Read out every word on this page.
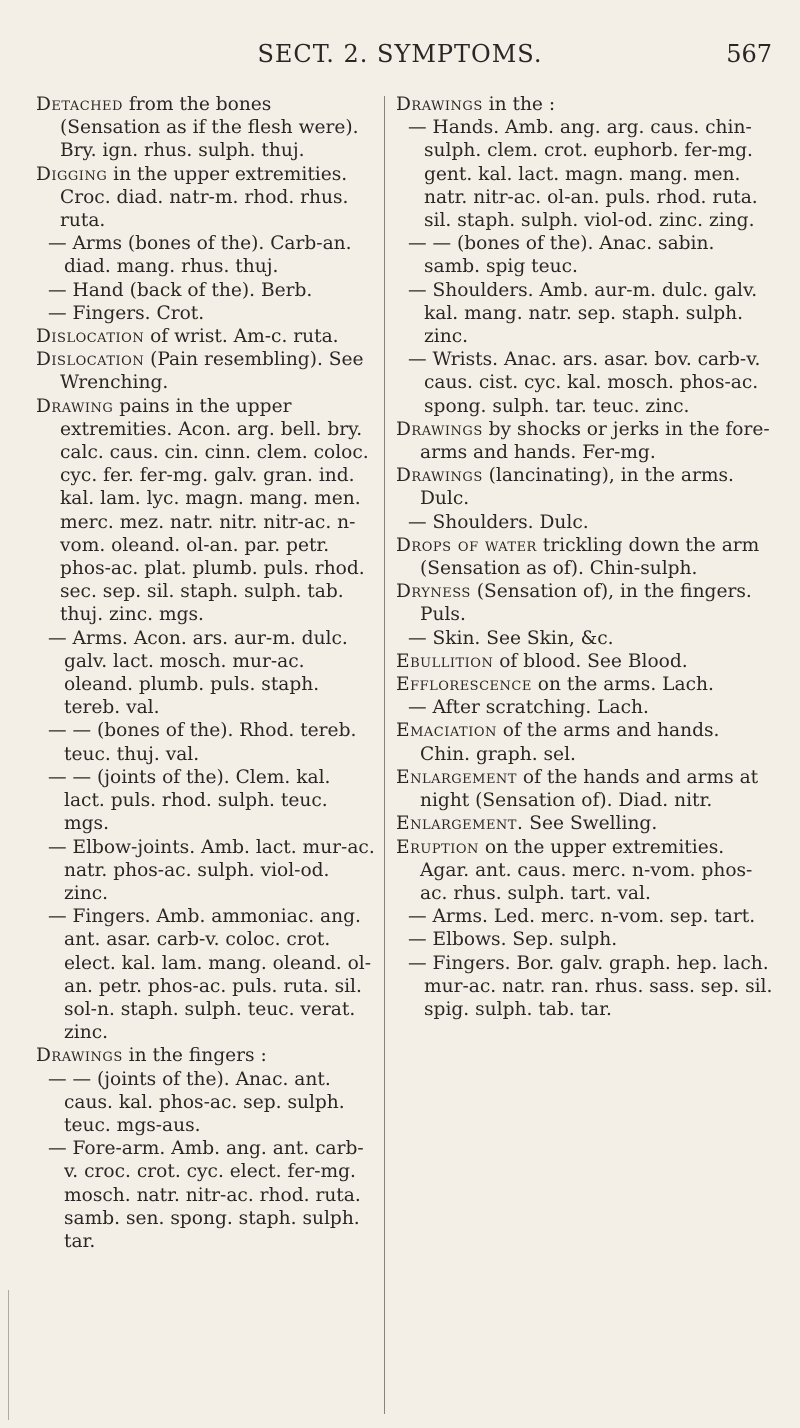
SECT. 2. SYMPTOMS.	567
Detached from the bones (Sensation as if the flesh were). Bry. ign. rhus. sulph. thuj.
Digging in the upper extremities. Croc. diad. natr-m. rhod. rhus. ruta.
— Arms (bones of the). Carb-an. diad. mang. rhus. thuj.
— Hand (back of the). Berb.
— Fingers. Crot.
Dislocation of wrist. Am-c. ruta.
Dislocation (Pain resembling). See Wrenching.
Drawing pains in the upper extremities. Acon. arg. bell. bry. calc. caus. cin. cinn. clem. coloc. cyc. fer. fer-mg. galv. gran. ind. kal. lam. lyc. magn. mang. men. merc. mez. natr. nitr. nitr-ac. n-vom. oleand. ol-an. par. petr. phos-ac. plat. plumb. puls. rhod. sec. sep. sil. staph. sulph. tab. thuj. zinc. mgs.
— Arms. Acon. ars. aur-m. dulc. galv. lact. mosch. mur-ac. oleand. plumb. puls. staph. tereb. val.
— — (bones of the). Rhod. tereb. teuc. thuj. val.
— — (joints of the). Clem. kal. lact. puls. rhod. sulph. teuc. mgs.
— Elbow-joints. Amb. lact. mur-ac. natr. phos-ac. sulph. viol-od. zinc.
— Fingers. Amb. ammoniac. ang. ant. asar. carb-v. coloc. crot. elect. kal. lam. mang. oleand. ol-an. petr. phos-ac. puls. ruta. sil. sol-n. staph. sulph. teuc. verat. zinc.
Drawings in the fingers :
— — (joints of the). Anac. ant. caus. kal. phos-ac. sep. sulph. teuc. mgs-aus.
— Fore-arm. Amb. ang. ant. carb-v. croc. crot. cyc. elect. fer-mg. mosch. natr. nitr-ac. rhod. ruta. samb. sen. spong. staph. sulph. tar.
Drawings in the :
— Hands. Amb. ang. arg. caus. chin-sulph. clem. crot. euphorb. fer-mg. gent. kal. lact. magn. mang. men. natr. nitr-ac. ol-an. puls. rhod. ruta. sil. staph. sulph. viol-od. zinc. zing.
— — (bones of the). Anac. sabin. samb. spig teuc.
— Shoulders. Amb. aur-m. dulc. galv. kal. mang. natr. sep. staph. sulph. zinc.
— Wrists. Anac. ars. asar. bov. carb-v. caus. cist. cyc. kal. mosch. phos-ac. spong. sulph. tar. teuc. zinc.
Drawings by shocks or jerks in the fore-arms and hands. Fer-mg.
Drawings (lancinating), in the arms. Dulc.
— Shoulders. Dulc.
Drops of water trickling down the arm (Sensation as of). Chin-sulph.
Dryness (Sensation of), in the fingers. Puls.
— Skin. See Skin, &c.
Ebullition of blood. See Blood.
Efflorescence on the arms. Lach.
— After scratching. Lach.
Emaciation of the arms and hands. Chin. graph. sel.
Enlargement of the hands and arms at night (Sensation of). Diad. nitr.
Enlargement. See Swelling.
Eruption on the upper extremities. Agar. ant. caus. merc. n-vom. phos-ac. rhus. sulph. tart. val.
— Arms. Led. merc. n-vom. sep. tart.
— Elbows. Sep. sulph.
— Fingers. Bor. galv. graph. hep. lach. mur-ac. natr. ran. rhus. sass. sep. sil. spig. sulph. tab. tar.
